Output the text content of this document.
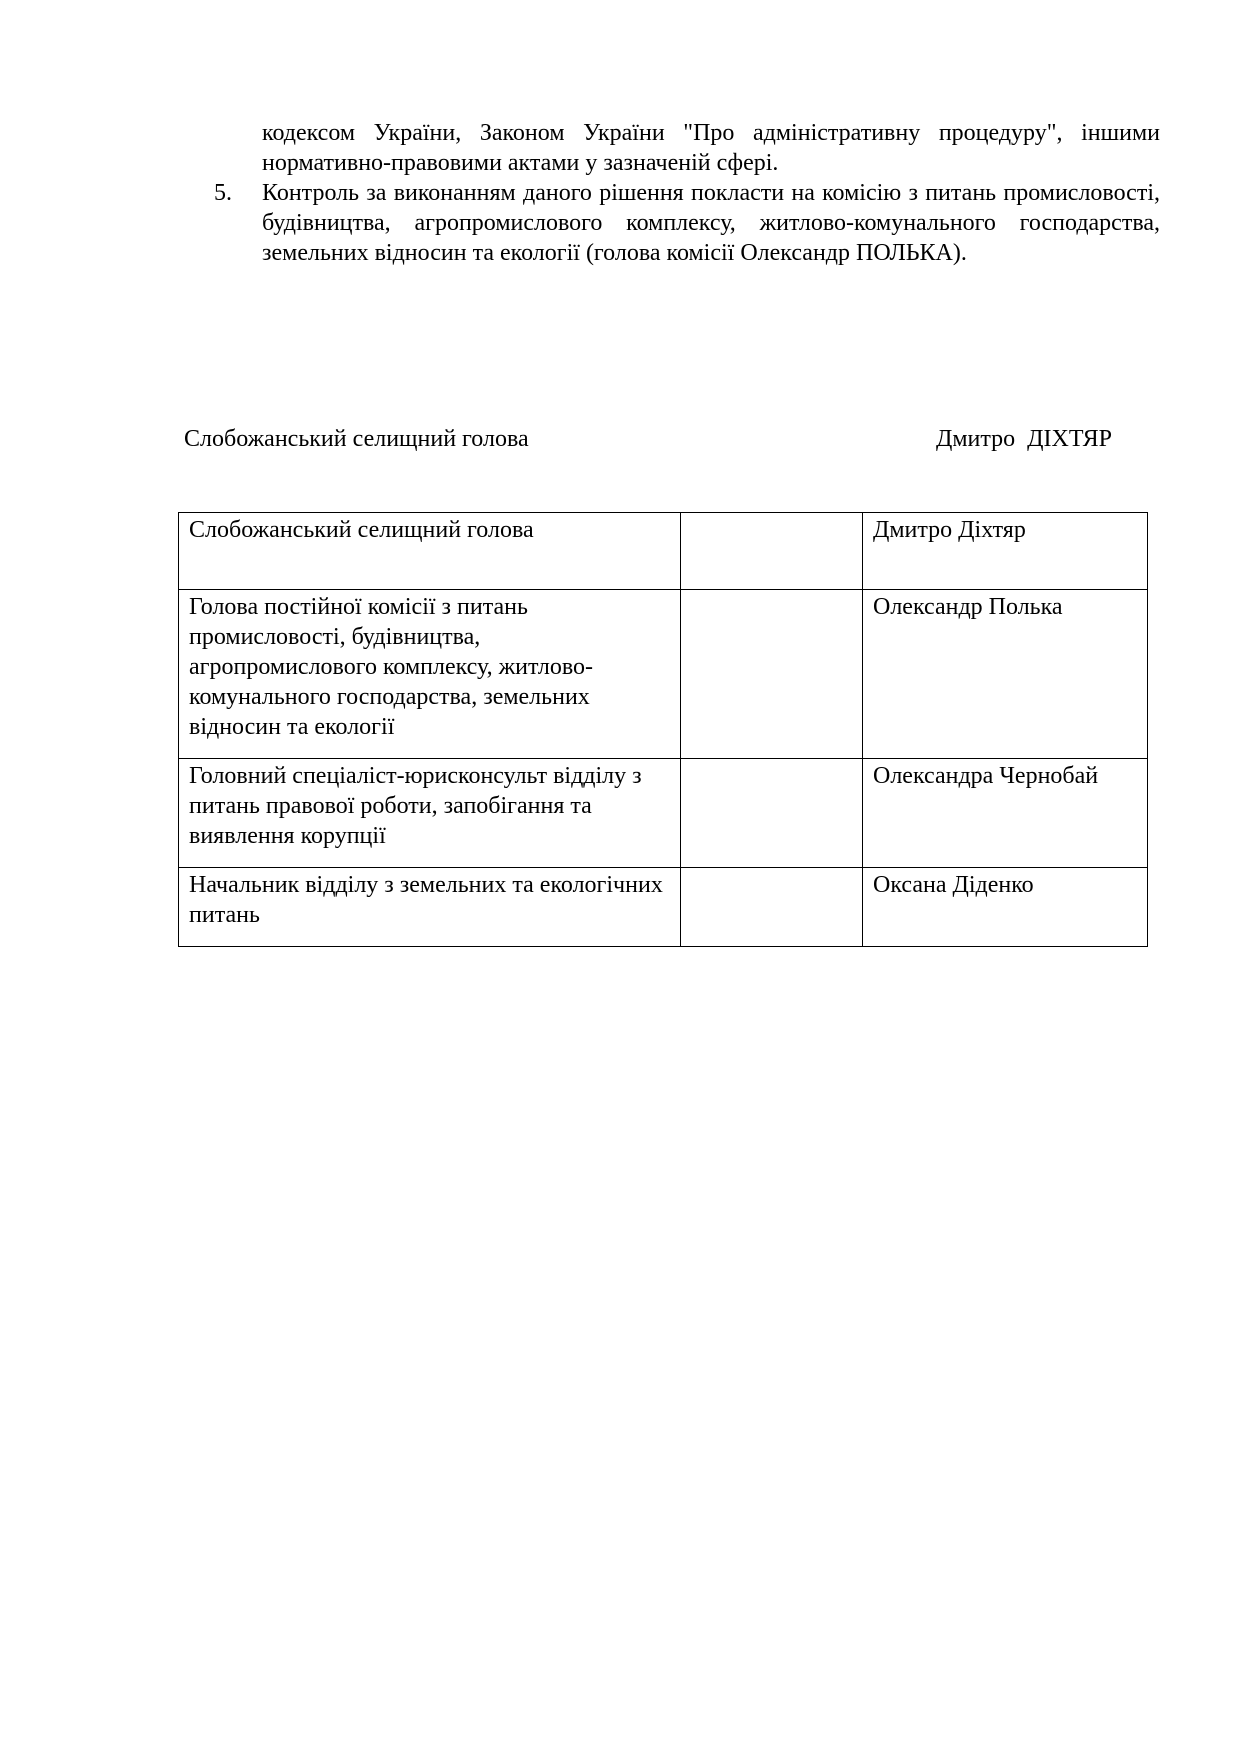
кодексом України, Законом України "Про адміністративну процедуру", іншими нормативно-правовими актами у зазначеній сфері.
5. Контроль за виконанням даного рішення покласти на комісію з питань промисловості, будівництва, агропромислового комплексу, житлово-комунального господарства, земельних відносин та екології (голова комісії Олександр ПОЛЬКА).
Слобожанський селищний голова	Дмитро  ДІХТЯР
Слобожанський селищний голова		Дмитро Діхтяр
Голова постійної комісії з питань промисловості, будівництва, агропромислового комплексу, житлово-комунального господарства, земельних відносин та екології		Олександр Полька
Головний спеціаліст-юрисконсульт відділу з питань правової роботи, запобігання та виявлення корупції		Олександра Чернобай
Начальник відділу з земельних та екологічних питань		Оксана Діденко
